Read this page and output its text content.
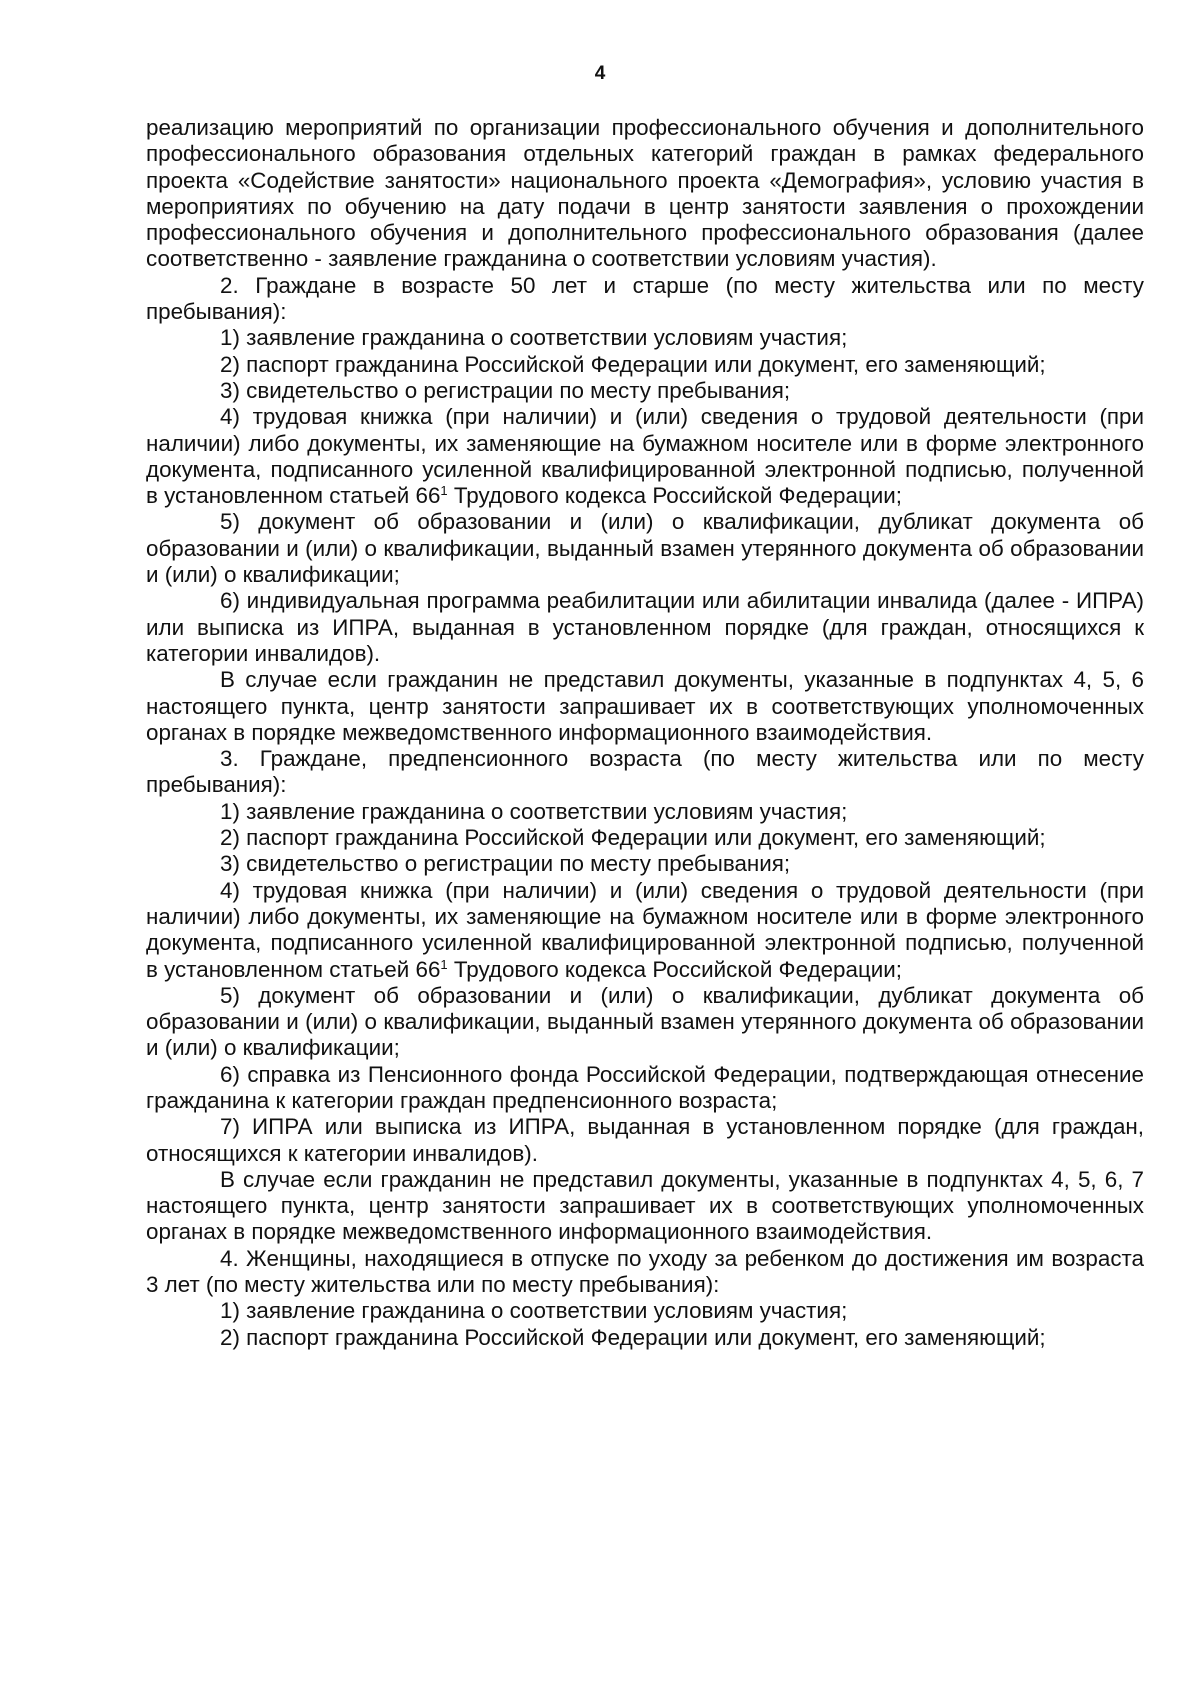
4

реализацию мероприятий по организации профессионального обучения и дополнительного профессионального образования отдельных категорий граждан в рамках федерального проекта «Содействие занятости» национального проекта «Демография», условию участия в мероприятиях по обучению на дату подачи в центр занятости заявления о прохождении профессионального обучения и дополнительного профессионального образования (далее соответственно - заявление гражданина о соответствии условиям участия).

2. Граждане в возрасте 50 лет и старше (по месту жительства или по месту пребывания):

1) заявление гражданина о соответствии условиям участия;

2) паспорт гражданина Российской Федерации или документ, его заменяющий;

3) свидетельство о регистрации по месту пребывания;

4) трудовая книжка (при наличии) и (или) сведения о трудовой деятельности (при наличии) либо документы, их заменяющие на бумажном носителе или в форме электронного документа, подписанного усиленной квалифицированной электронной подписью, полученной в установленном статьей $66^1$ Трудового кодекса Российской Федерации;

5) документ об образовании и (или) о квалификации, дубликат документа об образовании и (или) о квалификации, выданный взамен утерянного документа об образовании и (или) о квалификации;

6) индивидуальная программа реабилитации или абилитации инвалида (далее - ИПРА) или выписка из ИПРА, выданная в установленном порядке (для граждан, относящихся к категории инвалидов).

В случае если гражданин не представил документы, указанные в подпунктах 4, 5, 6 настоящего пункта, центр занятости запрашивает их в соответствующих уполномоченных органах в порядке межведомственного информационного взаимодействия.

3. Граждане, предпенсионного возраста (по месту жительства или по месту пребывания):

1) заявление гражданина о соответствии условиям участия;

2) паспорт гражданина Российской Федерации или документ, его заменяющий;

3) свидетельство о регистрации по месту пребывания;

4) трудовая книжка (при наличии) и (или) сведения о трудовой деятельности (при наличии) либо документы, их заменяющие на бумажном носителе или в форме электронного документа, подписанного усиленной квалифицированной электронной подписью, полученной в установленном статьей $66^1$ Трудового кодекса Российской Федерации;

5) документ об образовании и (или) о квалификации, дубликат документа об образовании и (или) о квалификации, выданный взамен утерянного документа об образовании и (или) о квалификации;

6) справка из Пенсионного фонда Российской Федерации, подтверждающая отнесение гражданина к категории граждан предпенсионного возраста;

7) ИПРА или выписка из ИПРА, выданная в установленном порядке (для граждан, относящихся к категории инвалидов).

В случае если гражданин не представил документы, указанные в подпунктах 4, 5, 6, 7 настоящего пункта, центр занятости запрашивает их в соответствующих уполномоченных органах в порядке межведомственного информационного взаимодействия.

4. Женщины, находящиеся в отпуске по уходу за ребенком до достижения им возраста 3 лет (по месту жительства или по месту пребывания):

1) заявление гражданина о соответствии условиям участия;

2) паспорт гражданина Российской Федерации или документ, его заменяющий;
